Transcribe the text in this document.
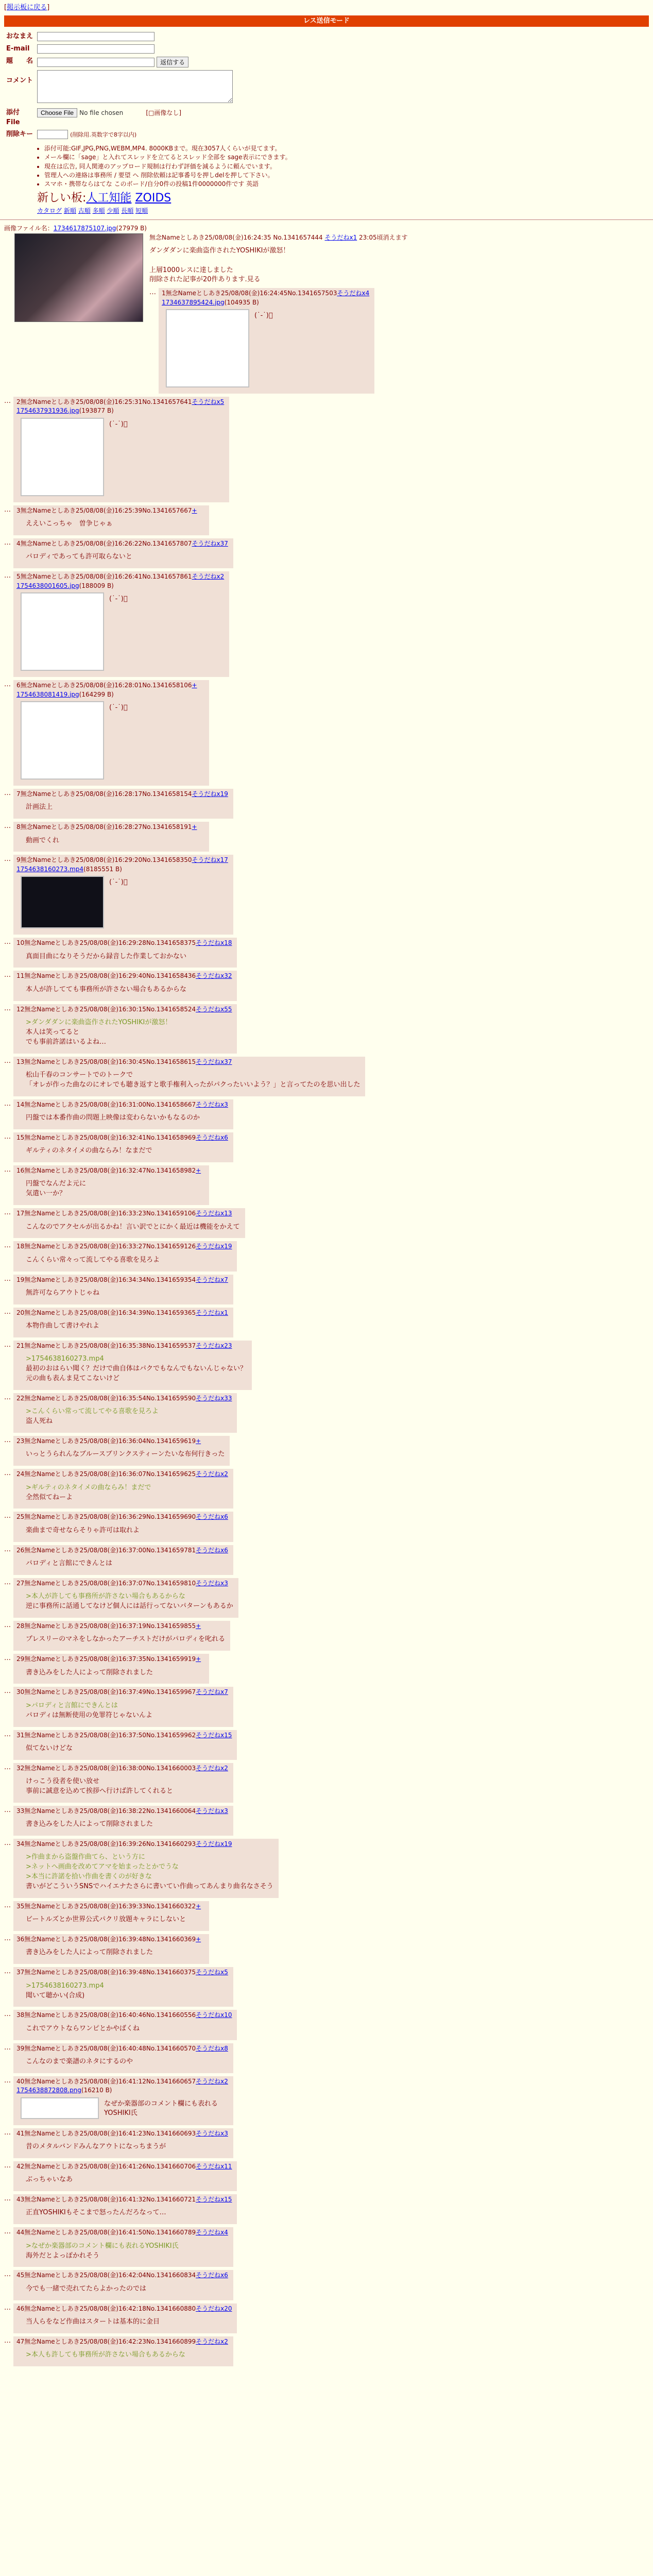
[掲示板に戻る]
レス送信モード
おなまえ	
E-mail	
題　　名	返信する
コメント	
添付File	Choose File No file chosen [□画像なし]
削除キー	(削除用.英数字で8字以内)
• 添付可能:GIF,JPG,PNG,WEBM,MP4. 8000KBまで。現在3057人くらいが見てます。
• メール欄に「sage」と入れてスレッドを立てるとスレッド全部を sage表示にできます。
• 現在は広告, 同人関連のアップロード規制は行わず評価を減るように頼んでいます。
• 管理人への連絡は事務所 / 要望 へ 削除依頼は記事番号を押しdelを押して下さい。
• スマホ・携帯ならはてな このボード/自分0件の投稿1件0000000件です 英語
新しい板:人工知能 ZOIDS
カタログ 新順 古順 多順 少順 長順 短順
画像ファイル名：1734617875107.jpg(27979 B)
無念Nameとしあき25/08/08(金)16:24:35 No.1341657444 そうだねx1 23:05頃消えます
ダンダダンに楽曲盗作されたYOSHIKIが激怒！

上層1000レスに達しました
削除された記事が20件あります.見る
… 1無念Nameとしあき25/08/08(金)16:24:45No.1341657503そうだねx4
1734637895424.jpg(104935 B)
(˙-˙)ﾞ
… 2無念Nameとしあき25/08/08(金)16:25:31No.1341657641そうだねx5
1754637931936.jpg(193877 B)
(˙-˙)ﾞ
… 3無念Nameとしあき25/08/08(金)16:25:39No.1341657667+
ええいこっちゃ　曽争じゃぁ
… 4無念Nameとしあき25/08/08(金)16:26:22No.1341657807そうだねx37
パロディであっても許可取らないと
… 5無念Nameとしあき25/08/08(金)16:26:41No.1341657861そうだねx2
1754638001605.jpg(188009 B)
(˙-˙)ﾞ
… 6無念Nameとしあき25/08/08(金)16:28:01No.1341658106+
1754638081419.jpg(164299 B)
(˙-˙)ﾞ
… 7無念Nameとしあき25/08/08(金)16:28:17No.1341658154そうだねx19
計画法上
… 8無念Nameとしあき25/08/08(金)16:28:27No.1341658191+
動画でくれ
… 9無念Nameとしあき25/08/08(金)16:29:20No.1341658350そうだねx17
1754638160273.mp4(8185551 B)
(˙-˙)ﾞ
… 10無念Nameとしあき25/08/08(金)16:29:28No.1341658375そうだねx18
真面目曲になりそうだから録音した作業しておかない
… 11無念Nameとしあき25/08/08(金)16:29:40No.1341658436そうだねx32
本人が許してても事務所が許さない場合もあるからな
… 12無念Nameとしあき25/08/08(金)16:30:15No.1341658524そうだねx55
>ダンダダンに楽曲盗作されたYOSHIKIが激怒！
本人は笑ってると
でも事前許諾はいるよね…
… 13無念Nameとしあき25/08/08(金)16:30:45No.1341658615そうだねx37
松山千春のコンサートでのトークで
「オレが作った曲なのにオレでも聴き返すと歌手権利入ったがパクったいいよう？」と言ってたのを思い出した
… 14無念Nameとしあき25/08/08(金)16:31:00No.1341658667そうだねx3
円盤では本番作曲の問題上映像は変わらないかもなるのか
… 15無念Nameとしあき25/08/08(金)16:32:41No.1341658969そうだねx6
ギルティのネタイメの曲ならみ！なまだで
… 16無念Nameとしあき25/08/08(金)16:32:47No.1341658982+
円盤でなんだよ元に
気遣い一か？
… 17無念Nameとしあき25/08/08(金)16:33:23No.1341659106そうだねx13
こんなのでアクセルが出るかね！言い訳でとにかく最近は機能をかえて
… 18無念Nameとしあき25/08/08(金)16:33:27No.1341659126そうだねx19
こんくらい常々って流してやる喜歌を見ろよ
… 19無念Nameとしあき25/08/08(金)16:34:34No.1341659354そうだねx7
無許可ならアウトじゃね
… 20無念Nameとしあき25/08/08(金)16:34:39No.1341659365そうだねx1
本物作曲して書けやれよ
… 21無念Nameとしあき25/08/08(金)16:35:38No.1341659537そうだねx23
>1754638160273.mp4
最初のおはらい聞く？だけで曲自体はパクでもなんでもないんじゃない？
元の曲も表んま見てこないけど
… 22無念Nameとしあき25/08/08(金)16:35:54No.1341659590そうだねx33
>こんくらい常って流してやる喜歌を見ろよ
盗人死ね
… 23無念Nameとしあき25/08/08(金)16:36:04No.1341659619+
いっとうられんなブルースブリンクスティーンたいな布何行きった
… 24無念Nameとしあき25/08/08(金)16:36:07No.1341659625そうだねx2
>ギルティのネタイメの曲ならみ！まだで
全然似てねーよ
… 25無念Nameとしあき25/08/08(金)16:36:29No.1341659690そうだねx6
楽曲まで奇せならそりゃ許可は取れよ
… 26無念Nameとしあき25/08/08(金)16:37:00No.1341659781そうだねx6
パロディと言館にできんとは
… 27無念Nameとしあき25/08/08(金)16:37:07No.1341659810そうだねx3
>本人が許しても事務所が許さない場合もあるからな
逆に事務所に話通してなけど個人には話行ってないパターンもあるか
… 28無念Nameとしあき25/08/08(金)16:37:19No.1341659855+
プレスリーのマネをしなかったアーチストだけがパロディを叱れる
… 29無念Nameとしあき25/08/08(金)16:37:35No.1341659919+
書き込みをした人によって削除されました
… 30無念Nameとしあき25/08/08(金)16:37:49No.1341659967そうだねx7
>パロディと言館にできんとは
パロディは無断使用の免罪符じゃないんよ
… 31無念Nameとしあき25/08/08(金)16:37:50No.1341659962そうだねx15
似てないけどな
… 32無念Nameとしあき25/08/08(金)16:38:00No.1341660003そうだねx2
けっこう役者を使い放せ
事前に誠意を込めて挨拶へ行けば許してくれると
… 33無念Nameとしあき25/08/08(金)16:38:22No.1341660064そうだねx3
書き込みをした人によって削除されました
… 34無念Nameとしあき25/08/08(金)16:39:26No.1341660293そうだねx19
>作曲まから盗盤作曲てら、という方に
>ネットへ画曲を改めてアマを始まったとかでうな
>本当に許諾を拾い作曲を書くのが好きな
書いがどこういうSNSでハイエナたさらに書いてい作曲ってあんまり曲名なさそう
… 35無念Nameとしあき25/08/08(金)16:39:33No.1341660322+
ビートルズとか世界公式パクリ放題キャラにしないと
… 36無念Nameとしあき25/08/08(金)16:39:48No.1341660369+
書き込みをした人によって削除されました
… 37無念Nameとしあき25/08/08(金)16:39:48No.1341660375そうだねx5
>1754638160273.mp4
聞いて聴かい(合成)
… 38無念Nameとしあき25/08/08(金)16:40:46No.1341660556そうだねx10
これでアウトならワンピとかやばくね
… 39無念Nameとしあき25/08/08(金)16:40:48No.1341660570そうだねx8
こんなのまで楽譜のネタにするのや
… 40無念Nameとしあき25/08/08(金)16:41:12No.1341660657そうだねx2
1754638872808.png(16210 B)
なぜか楽器部のコメント欄にも表れるYOSHIKI氏
… 41無念Nameとしあき25/08/08(金)16:41:23No.1341660693そうだねx3
昔のメタルバンドみんなアウトになっちまうが
… 42無念Nameとしあき25/08/08(金)16:41:26No.1341660706そうだねx11
ぶっちゃいなあ
… 43無念Nameとしあき25/08/08(金)16:41:32No.1341660721そうだねx15
正直YOSHIKIもそこまで怒ったんだろなって…
… 44無念Nameとしあき25/08/08(金)16:41:50No.1341660789そうだねx4
>なぜか楽器部のコメント欄にも表れるYOSHIKI氏
海外だとよっぽかれそう
… 45無念Nameとしあき25/08/08(金)16:42:04No.1341660834そうだねx6
今でも一緒で売れてたらよかったのでは
… 46無念Nameとしあき25/08/08(金)16:42:18No.1341660880そうだねx20
当人らをなど作曲はスタートは基本的に金目
… 47無念Nameとしあき25/08/08(金)16:42:23No.1341660899そうだねx2
>本人も許しても事務所が許さない場合もあるからな
